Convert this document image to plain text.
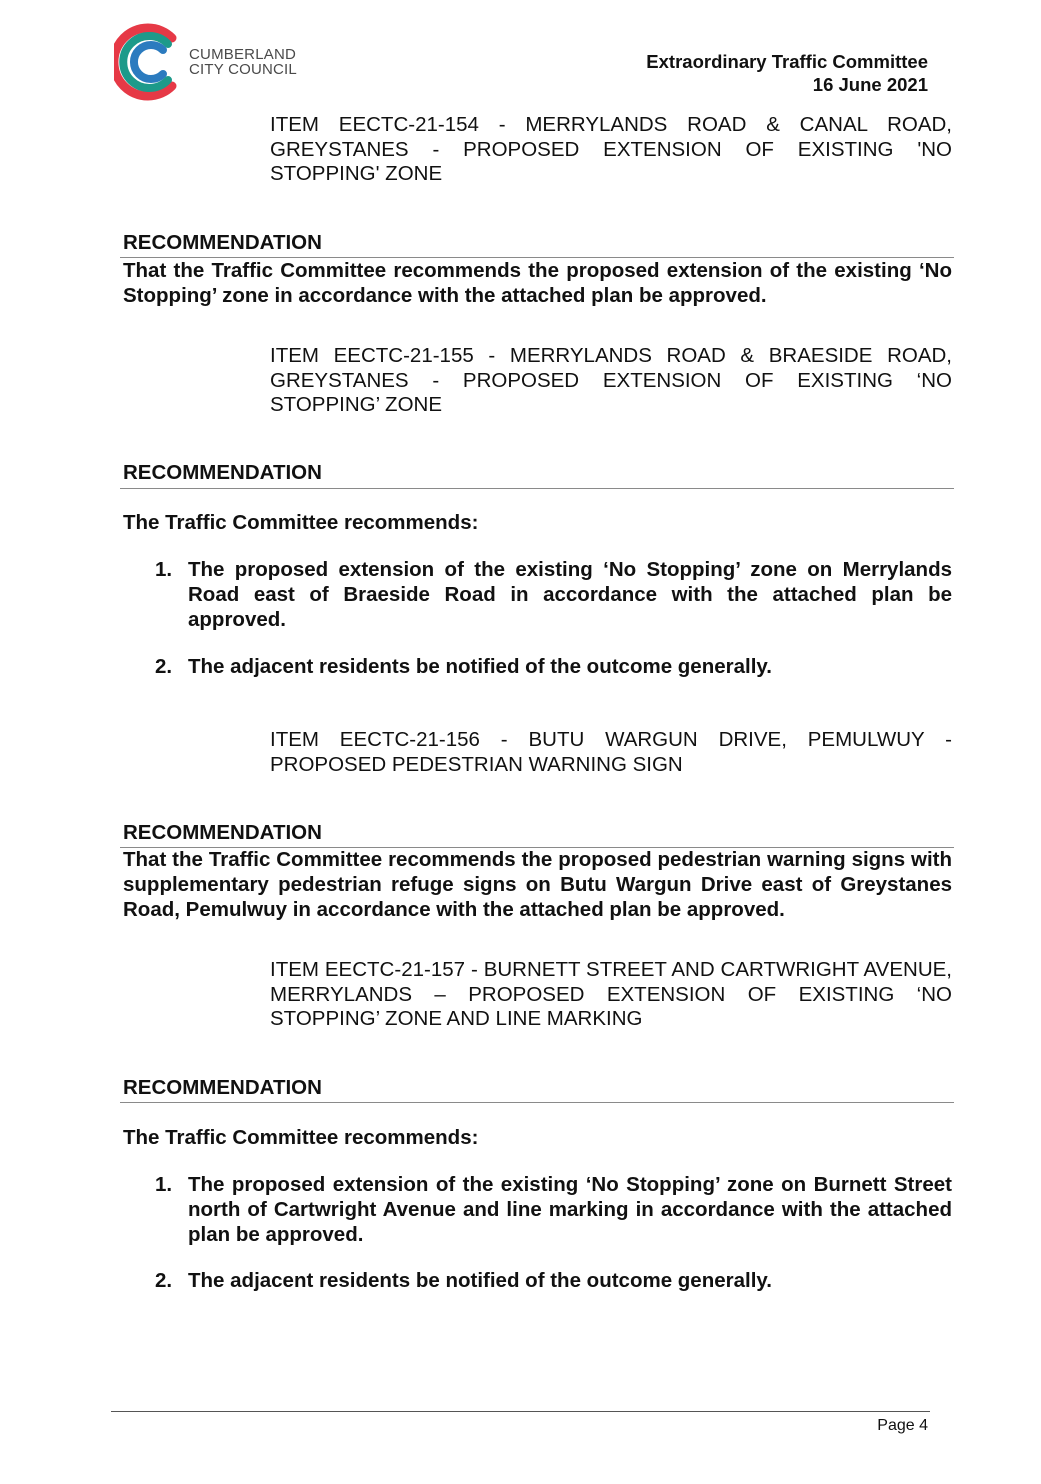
CUMBERLAND
CITY COUNCIL	Extraordinary Traffic Committee
16 June 2021
ITEM EECTC-21-154 - MERRYLANDS ROAD & CANAL ROAD, GREYSTANES - PROPOSED EXTENSION OF EXISTING 'NO STOPPING' ZONE
RECOMMENDATION
That the Traffic Committee recommends the proposed extension of the existing ‘No Stopping’ zone in accordance with the attached plan be approved.
ITEM EECTC-21-155 - MERRYLANDS ROAD & BRAESIDE ROAD, GREYSTANES - PROPOSED EXTENSION OF EXISTING ‘NO STOPPING’ ZONE
RECOMMENDATION
The Traffic Committee recommends:
1. The proposed extension of the existing ‘No Stopping’ zone on Merrylands Road east of Braeside Road in accordance with the attached plan be approved.
2. The adjacent residents be notified of the outcome generally.
ITEM EECTC-21-156 - BUTU WARGUN DRIVE, PEMULWUY - PROPOSED PEDESTRIAN WARNING SIGN
RECOMMENDATION
That the Traffic Committee recommends the proposed pedestrian warning signs with supplementary pedestrian refuge signs on Butu Wargun Drive east of Greystanes Road, Pemulwuy in accordance with the attached plan be approved.
ITEM EECTC-21-157 - BURNETT STREET AND CARTWRIGHT AVENUE, MERRYLANDS – PROPOSED EXTENSION OF EXISTING ‘NO STOPPING’ ZONE AND LINE MARKING
RECOMMENDATION
The Traffic Committee recommends:
1. The proposed extension of the existing ‘No Stopping’ zone on Burnett Street north of Cartwright Avenue and line marking in accordance with the attached plan be approved.
2. The adjacent residents be notified of the outcome generally.
Page 4
